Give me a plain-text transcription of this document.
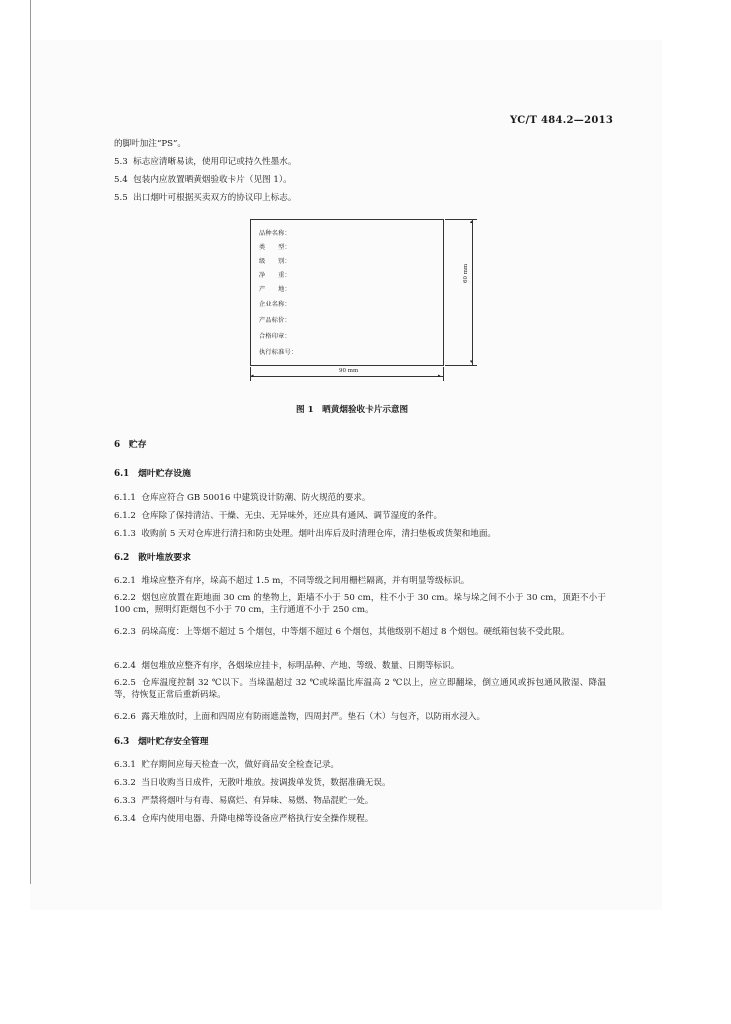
YC/T 484.2—2013
的脚叶加注“PS”。
5.3 标志应清晰易读，使用印记或持久性墨水。
5.4 包装内应放置晒黄烟验收卡片（见图 1）。
5.5 出口烟叶可根据买卖双方的协议印上标志。
品种名称：
类　　型：
级　　别：
净　　重：
产　　地：
企业名称：
产品标价：
合格印章：
执行标准号：
◂	▸
90 mm
▴
▾
60 mm
图 1　晒黄烟验收卡片示意图
6　贮存
6.1　烟叶贮存设施
6.1.1 仓库应符合 GB 50016 中建筑设计防潮、防火规范的要求。
6.1.2 仓库除了保持清洁、干燥、无虫、无异味外，还应具有通风、调节湿度的条件。
6.1.3 收购前 5 天对仓库进行清扫和防虫处理。烟叶出库后及时清理仓库，清扫垫板或货架和地面。
6.2　散叶堆放要求
6.2.1 堆垛应整齐有序，垛高不超过 1.5 m，不同等级之间用栅栏隔离，并有明显等级标识。
6.2.2 烟包应放置在距地面 30 cm 的垫物上，距墙不小于 50 cm，柱不小于 30 cm。垛与垛之间不小于 30 cm，顶距不小于 100 cm，照明灯距烟包不小于 70 cm，主行通道不小于 250 cm。
6.2.3 码垛高度：上等烟不超过 5 个烟包，中等烟不超过 6 个烟包，其他级别不超过 8 个烟包。硬纸箱包装不受此限。
6.2.4 烟包堆放应整齐有序，各烟垛应挂卡，标明品种、产地、等级、数量、日期等标识。
6.2.5 仓库温度控制 32 ℃以下。当垛温超过 32 ℃或垛温比库温高 2 ℃以上，应立即翻垛，倒立通风或拆包通风散湿、降温等，待恢复正常后重新码垛。
6.2.6 露天堆放时，上面和四周应有防雨遮盖物，四周封严。垫石（木）与包齐，以防雨水浸入。
6.3　烟叶贮存安全管理
6.3.1 贮存期间应每天检查一次，做好商品安全检查记录。
6.3.2 当日收购当日成件，无散叶堆放。按调拨单发货，数据准确无误。
6.3.3 严禁将烟叶与有毒、易腐烂、有异味、易燃、物品混贮一处。
6.3.4 仓库内使用电器、升降电梯等设备应严格执行安全操作规程。
